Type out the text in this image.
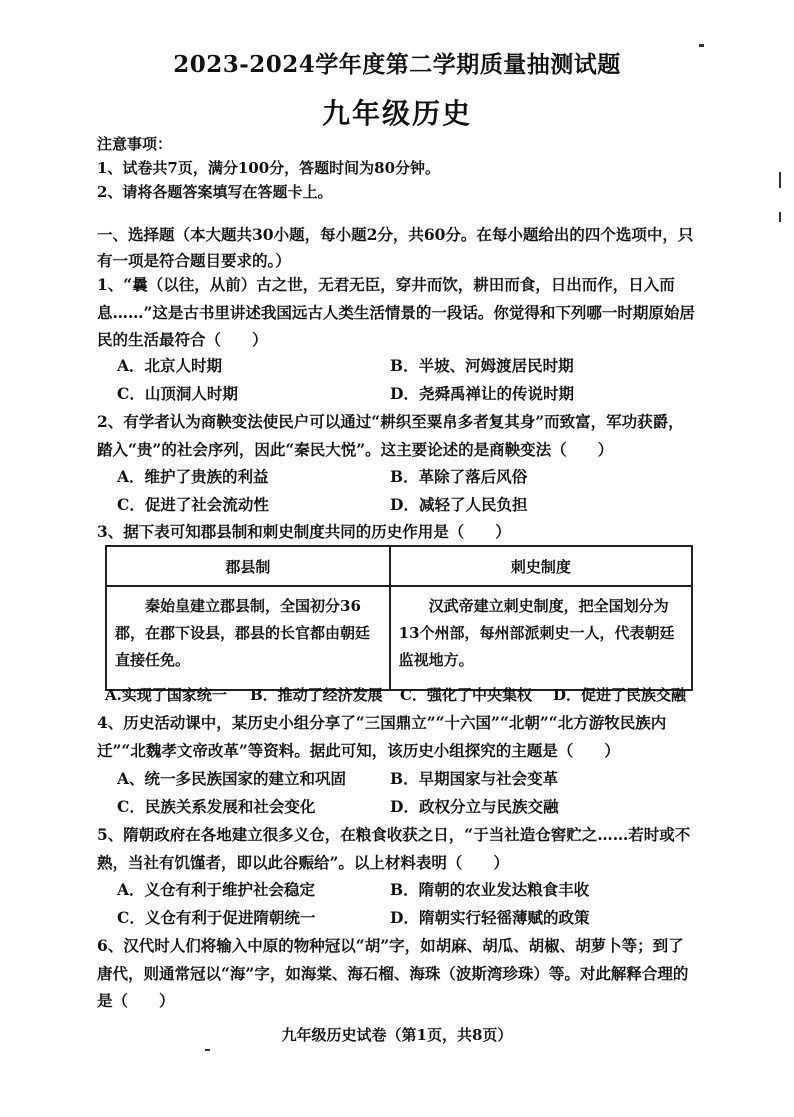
2023-2024学年度第二学期质量抽测试题
九年级历史
注意事项：
1、试卷共7页，满分100分，答题时间为80分钟。
2、请将各题答案填写在答题卡上。
一、选择题（本大题共30小题，每小题2分，共60分。在每小题给出的四个选项中，只有一项是符合题目要求的。）
1、“曩（以往，从前）古之世，无君无臣，穿井而饮，耕田而食，日出而作，日入而息……”这是古书里讲述我国远古人类生活情景的一段话。你觉得和下列哪一时期原始居民的生活最符合（　　）
A．北京人时期	B．半坡、河姆渡居民时期
C．山顶洞人时期	D．尧舜禹禅让的传说时期
2、有学者认为商鞅变法使民户可以通过“耕织至粟帛多者复其身”而致富，军功获爵，踏入“贵”的社会序列，因此“秦民大悦”。这主要论述的是商鞅变法（　　）
A．维护了贵族的利益	B．革除了落后风俗
C．促进了社会流动性	D．减轻了人民负担
3、据下表可知郡县制和刺史制度共同的历史作用是（　　）
郡县制	刺史制度
秦始皇建立郡县制，全国初分36郡，在郡下设县，郡县的长官都由朝廷直接任免。	汉武帝建立刺史制度，把全国划分为13个州部，每州部派刺史一人，代表朝廷监视地方。
A.实现了国家统一 B．推动了经济发展 C．强化了中央集权 D．促进了民族交融
4、历史活动课中，某历史小组分享了“三国鼎立”“十六国”“北朝”“北方游牧民族内迁”“北魏孝文帝改革”等资料。据此可知，该历史小组探究的主题是（　　）
A、统一多民族国家的建立和巩固	B．早期国家与社会变革
C．民族关系发展和社会变化	D．政权分立与民族交融
5、隋朝政府在各地建立很多义仓，在粮食收获之日，“于当社造仓窖贮之……若时或不熟，当社有饥馑者，即以此谷赈给”。以上材料表明（　　）
A．义仓有利于维护社会稳定	B．隋朝的农业发达粮食丰收
C．义仓有利于促进隋朝统一	D．隋朝实行轻徭薄赋的政策
6、汉代时人们将输入中原的物种冠以“胡”字，如胡麻、胡瓜、胡椒、胡萝卜等；到了唐代，则通常冠以“海”字，如海棠、海石榴、海珠（波斯湾珍珠）等。对此解释合理的是（　　）
九年级历史试卷（第1页，共8页）
